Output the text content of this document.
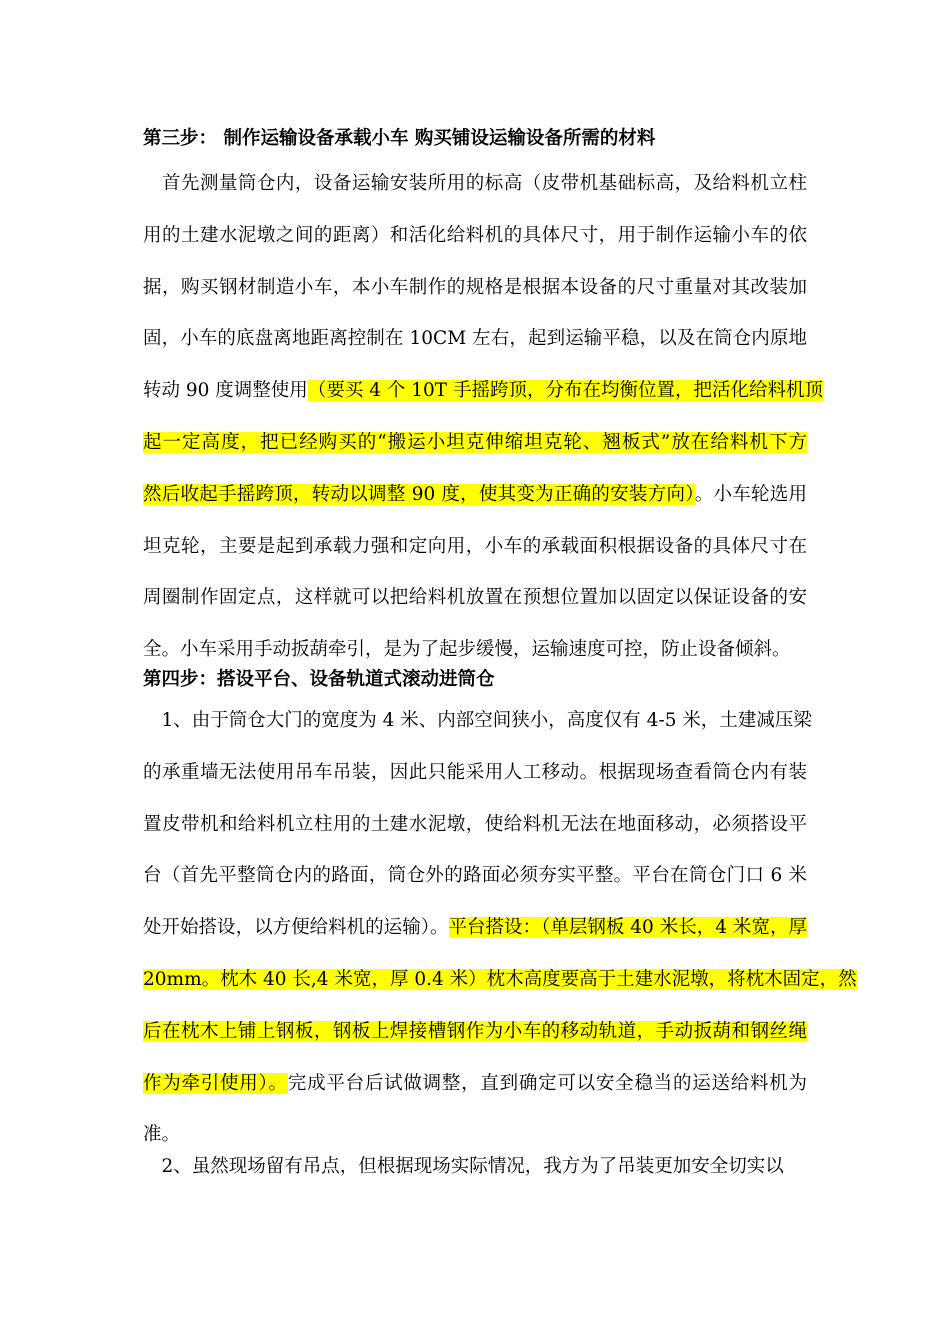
第三步： 制作运输设备承载小车 购买铺设运输设备所需的材料
　首先测量筒仓内，设备运输安装所用的标高（皮带机基础标高，及给料机立柱
用的土建水泥墩之间的距离）和活化给料机的具体尺寸，用于制作运输小车的依
据，购买钢材制造小车，本小车制作的规格是根据本设备的尺寸重量对其改装加
固，小车的底盘离地距离控制在 10CM 左右，起到运输平稳，以及在筒仓内原地
转动 90 度调整使用（要买 4 个 10T 手摇跨顶，分布在均衡位置，把活化给料机顶
起一定高度，把已经购买的“搬运小坦克伸缩坦克轮、翘板式”放在给料机下方
然后收起手摇跨顶，转动以调整 90 度，使其变为正确的安装方向）。小车轮选用
坦克轮，主要是起到承载力强和定向用，小车的承载面积根据设备的具体尺寸在
周圈制作固定点，这样就可以把给料机放置在预想位置加以固定以保证设备的安
全。小车采用手动扳葫牵引，是为了起步缓慢，运输速度可控，防止设备倾斜。
第四步：搭设平台、设备轨道式滚动进筒仓
　1、由于筒仓大门的宽度为 4 米、内部空间狭小，高度仅有 4-5 米，土建减压梁
的承重墙无法使用吊车吊装，因此只能采用人工移动。根据现场查看筒仓内有装
置皮带机和给料机立柱用的土建水泥墩，使给料机无法在地面移动，必须搭设平
台（首先平整筒仓内的路面，筒仓外的路面必须夯实平整。平台在筒仓门口 6 米
处开始搭设，以方便给料机的运输）。平台搭设：（单层钢板 40 米长，4 米宽，厚
20mm。枕木 40 长,4 米宽，厚 0.4 米）枕木高度要高于土建水泥墩，将枕木固定，然
后在枕木上铺上钢板，钢板上焊接槽钢作为小车的移动轨道，手动扳葫和钢丝绳
作为牵引使用）。完成平台后试做调整，直到确定可以安全稳当的运送给料机为
准。
　2、虽然现场留有吊点，但根据现场实际情况，我方为了吊装更加安全切实以
